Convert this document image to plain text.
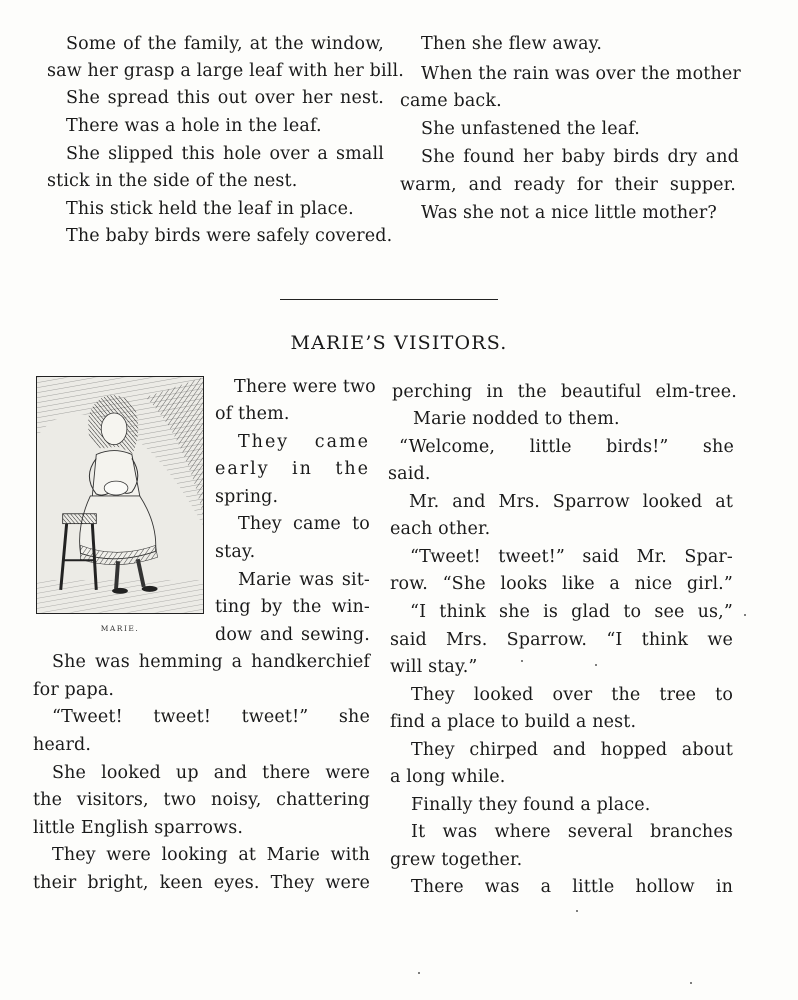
Some of the family, at the window,
saw her grasp a large leaf with her bill.
She spread this out over her nest.
There was a hole in the leaf.
She slipped this hole over a small
stick in the side of the nest.
This stick held the leaf in place.
The baby birds were safely covered.
Then she flew away.
When the rain was over the mother
came back.
She unfastened the leaf.
She found her baby birds dry and
warm, and ready for their supper.
Was she not a nice little mother?
MARIE’S VISITORS.
MARIE.
There were two
of them.
They came
early in the
spring.
They came to
stay.
Marie was sit-
ting by the win-
dow and sewing.
She was hemming a handkerchief
for papa.
“Tweet! tweet! tweet!” she
heard.
She looked up and there were
the visitors, two noisy, chattering
little English sparrows.
They were looking at Marie with
their bright, keen eyes. They were
perching in the beautiful elm-tree.
Marie nodded to them.
“Welcome, little birds!” she
said.
Mr. and Mrs. Sparrow looked at
each other.
“Tweet! tweet!” said Mr. Spar-
row. “She looks like a nice girl.”
“I think she is glad to see us,”
said Mrs. Sparrow. “I think we
will stay.”
They looked over the tree to
find a place to build a nest.
They chirped and hopped about
a long while.
Finally they found a place.
It was where several branches
grew together.
There was a little hollow in
